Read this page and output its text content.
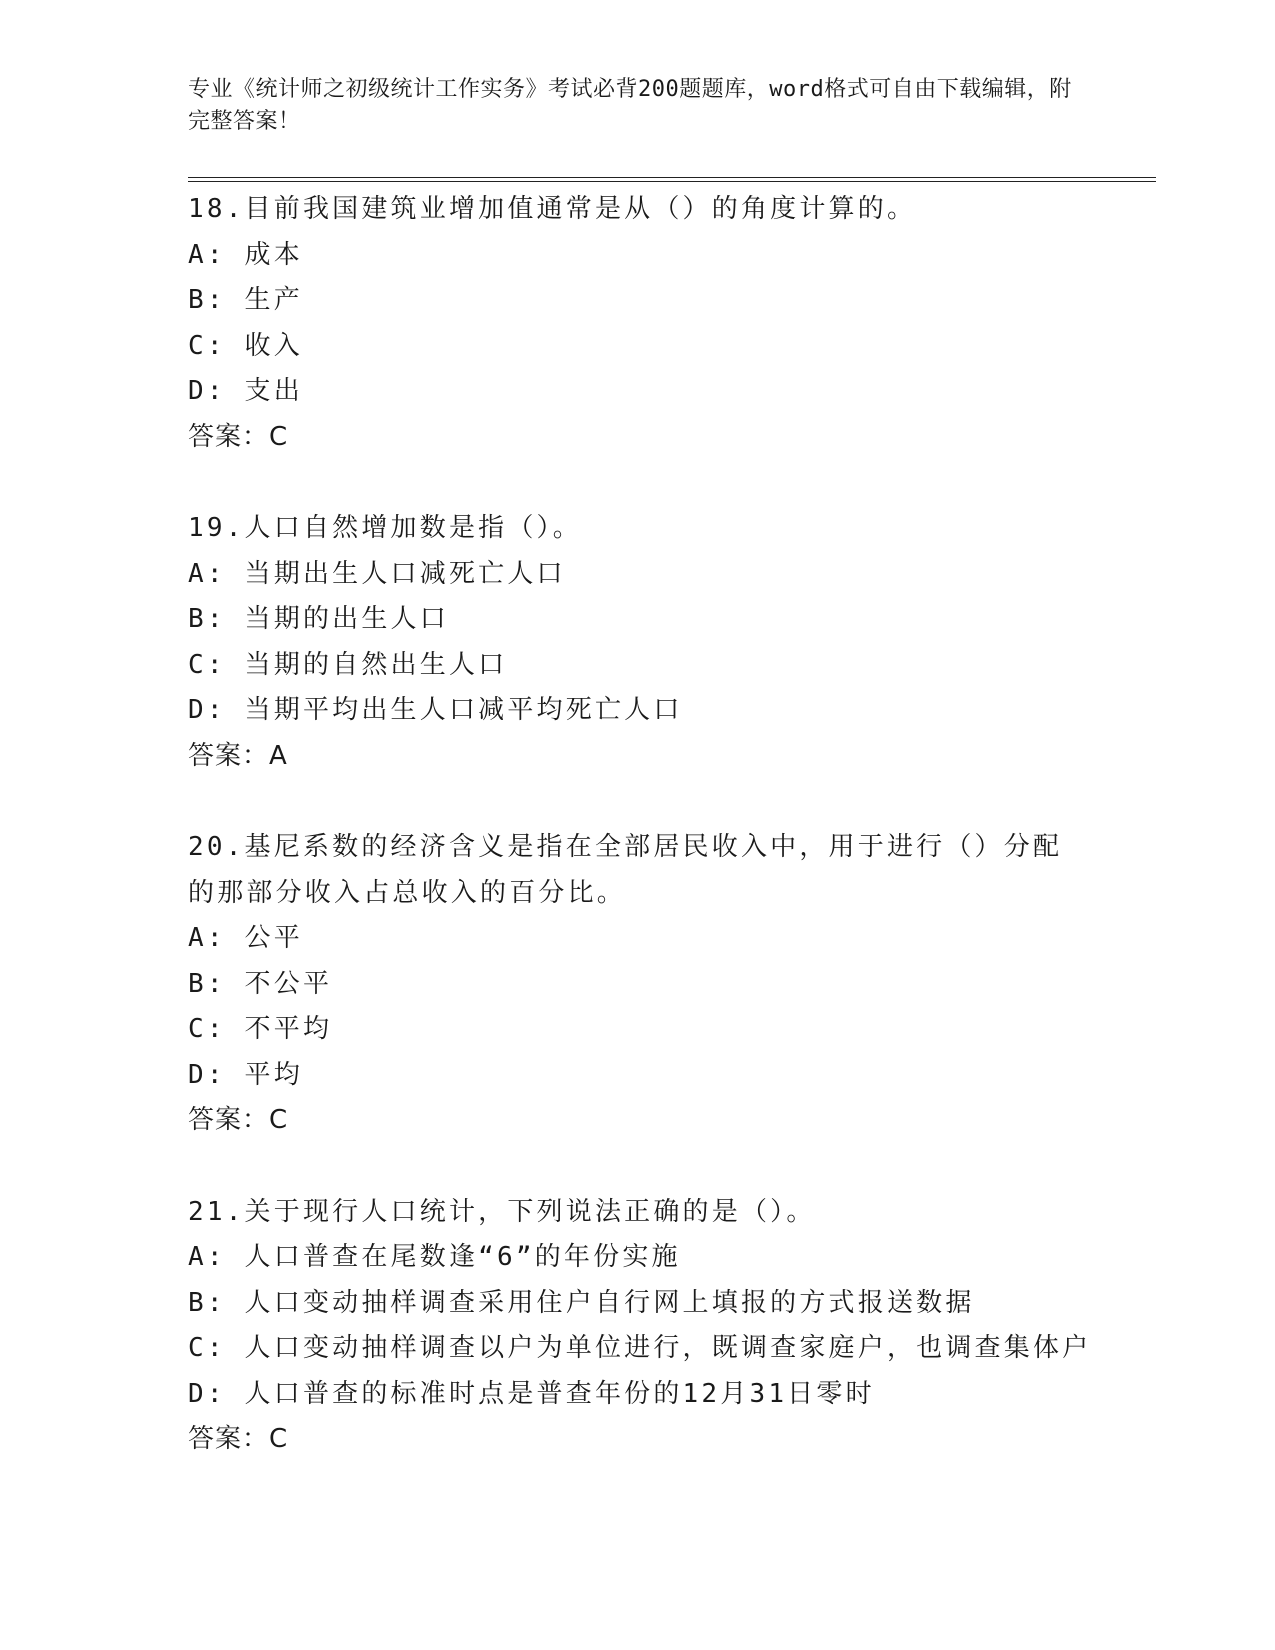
专业《统计师之初级统计工作实务》考试必背200题题库，word格式可自由下载编辑，附完整答案！
18.目前我国建筑业增加值通常是从（）的角度计算的。
A: 成本
B: 生产
C: 收入
D: 支出
答案：C
19.人口自然增加数是指（）。
A: 当期出生人口减死亡人口
B: 当期的出生人口
C: 当期的自然出生人口
D: 当期平均出生人口减平均死亡人口
答案：A
20.基尼系数的经济含义是指在全部居民收入中，用于进行（）分配的那部分收入占总收入的百分比。
A: 公平
B: 不公平
C: 不平均
D: 平均
答案：C
21.关于现行人口统计，下列说法正确的是（）。
A: 人口普查在尾数逢“6”的年份实施
B: 人口变动抽样调查采用住户自行网上填报的方式报送数据
C: 人口变动抽样调查以户为单位进行，既调查家庭户，也调查集体户
D: 人口普查的标准时点是普查年份的12月31日零时
答案：C
